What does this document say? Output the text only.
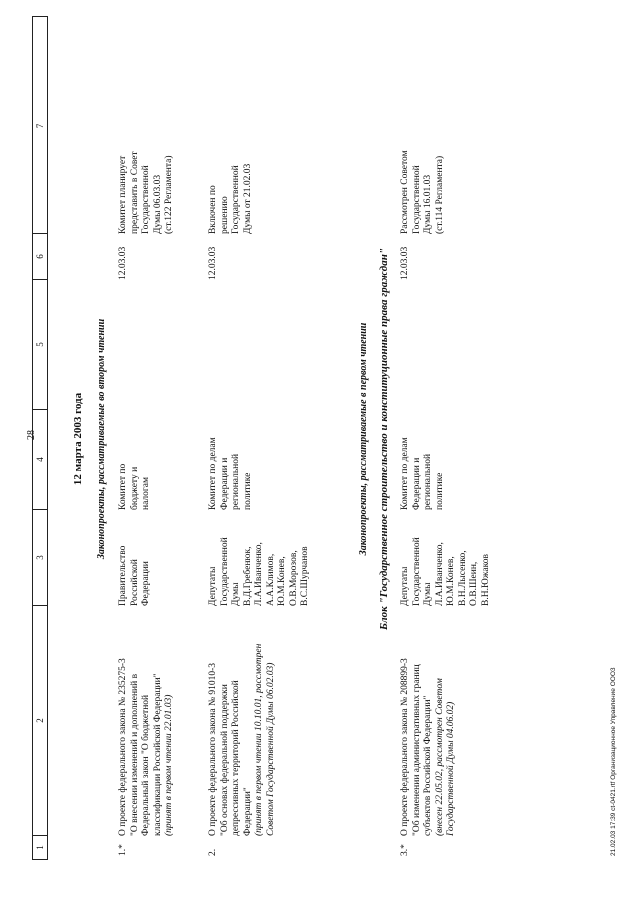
28
1
2
3
4
5
6
7
12 марта 2003 года Законопроекты, рассматриваемые во втором чтении
1.*
О проекте федерального закона № 235275-3 "О внесении изменений и дополнений в Федеральный закон "О бюджетной классификации Российской Федерации" (принят в первом чтении 22.01.03)
Правительство Российской Федерации
Комитет по бюджету и налогам
12.03.03
Комитет планирует представить в Совет Государственной Думы 06.03.03 (ст.122 Регламента)
2.
О проекте федерального закона № 91010-3 "Об основах федеральной поддержки депрессивных территорий Российской Федерации" (принят в первом чтении 10.10.01, рассмотрен Советом Государственной Думы 06.02.03)
Депутаты Государственной Думы В.Д.Гребенюк, Л.А.Иванченко, А.А.Климов, Ю.М.Конев, О.В.Морозов, В.С.Шурчанов
Комитет по делам Федерации и региональной политике
12.03.03
Включен по решению Государственной Думы от 21.02.03
Законопроекты, рассматриваемые в первом чтении Блок "Государственное строительство и конституционные права граждан"
3.*
О проекте федерального закона № 208899-3 "Об изменении административных границ субъектов Российской Федерации" (внесен 22.05.02, рассмотрен Советом Государственной Думы 04.06.02)
Депутаты Государственной Думы Л.А.Иванченко, Ю.М.Конев, В.Н.Лысенко, О.В.Шеин, В.Н.Южаков
Комитет по делам Федерации и региональной политике
12.03.03
Рассмотрен Советом Государственной Думы 16.01.03 (ст.114 Регламента)
21.02.03 17:39 ct-0421.rtf Организационное Управление ООО3
